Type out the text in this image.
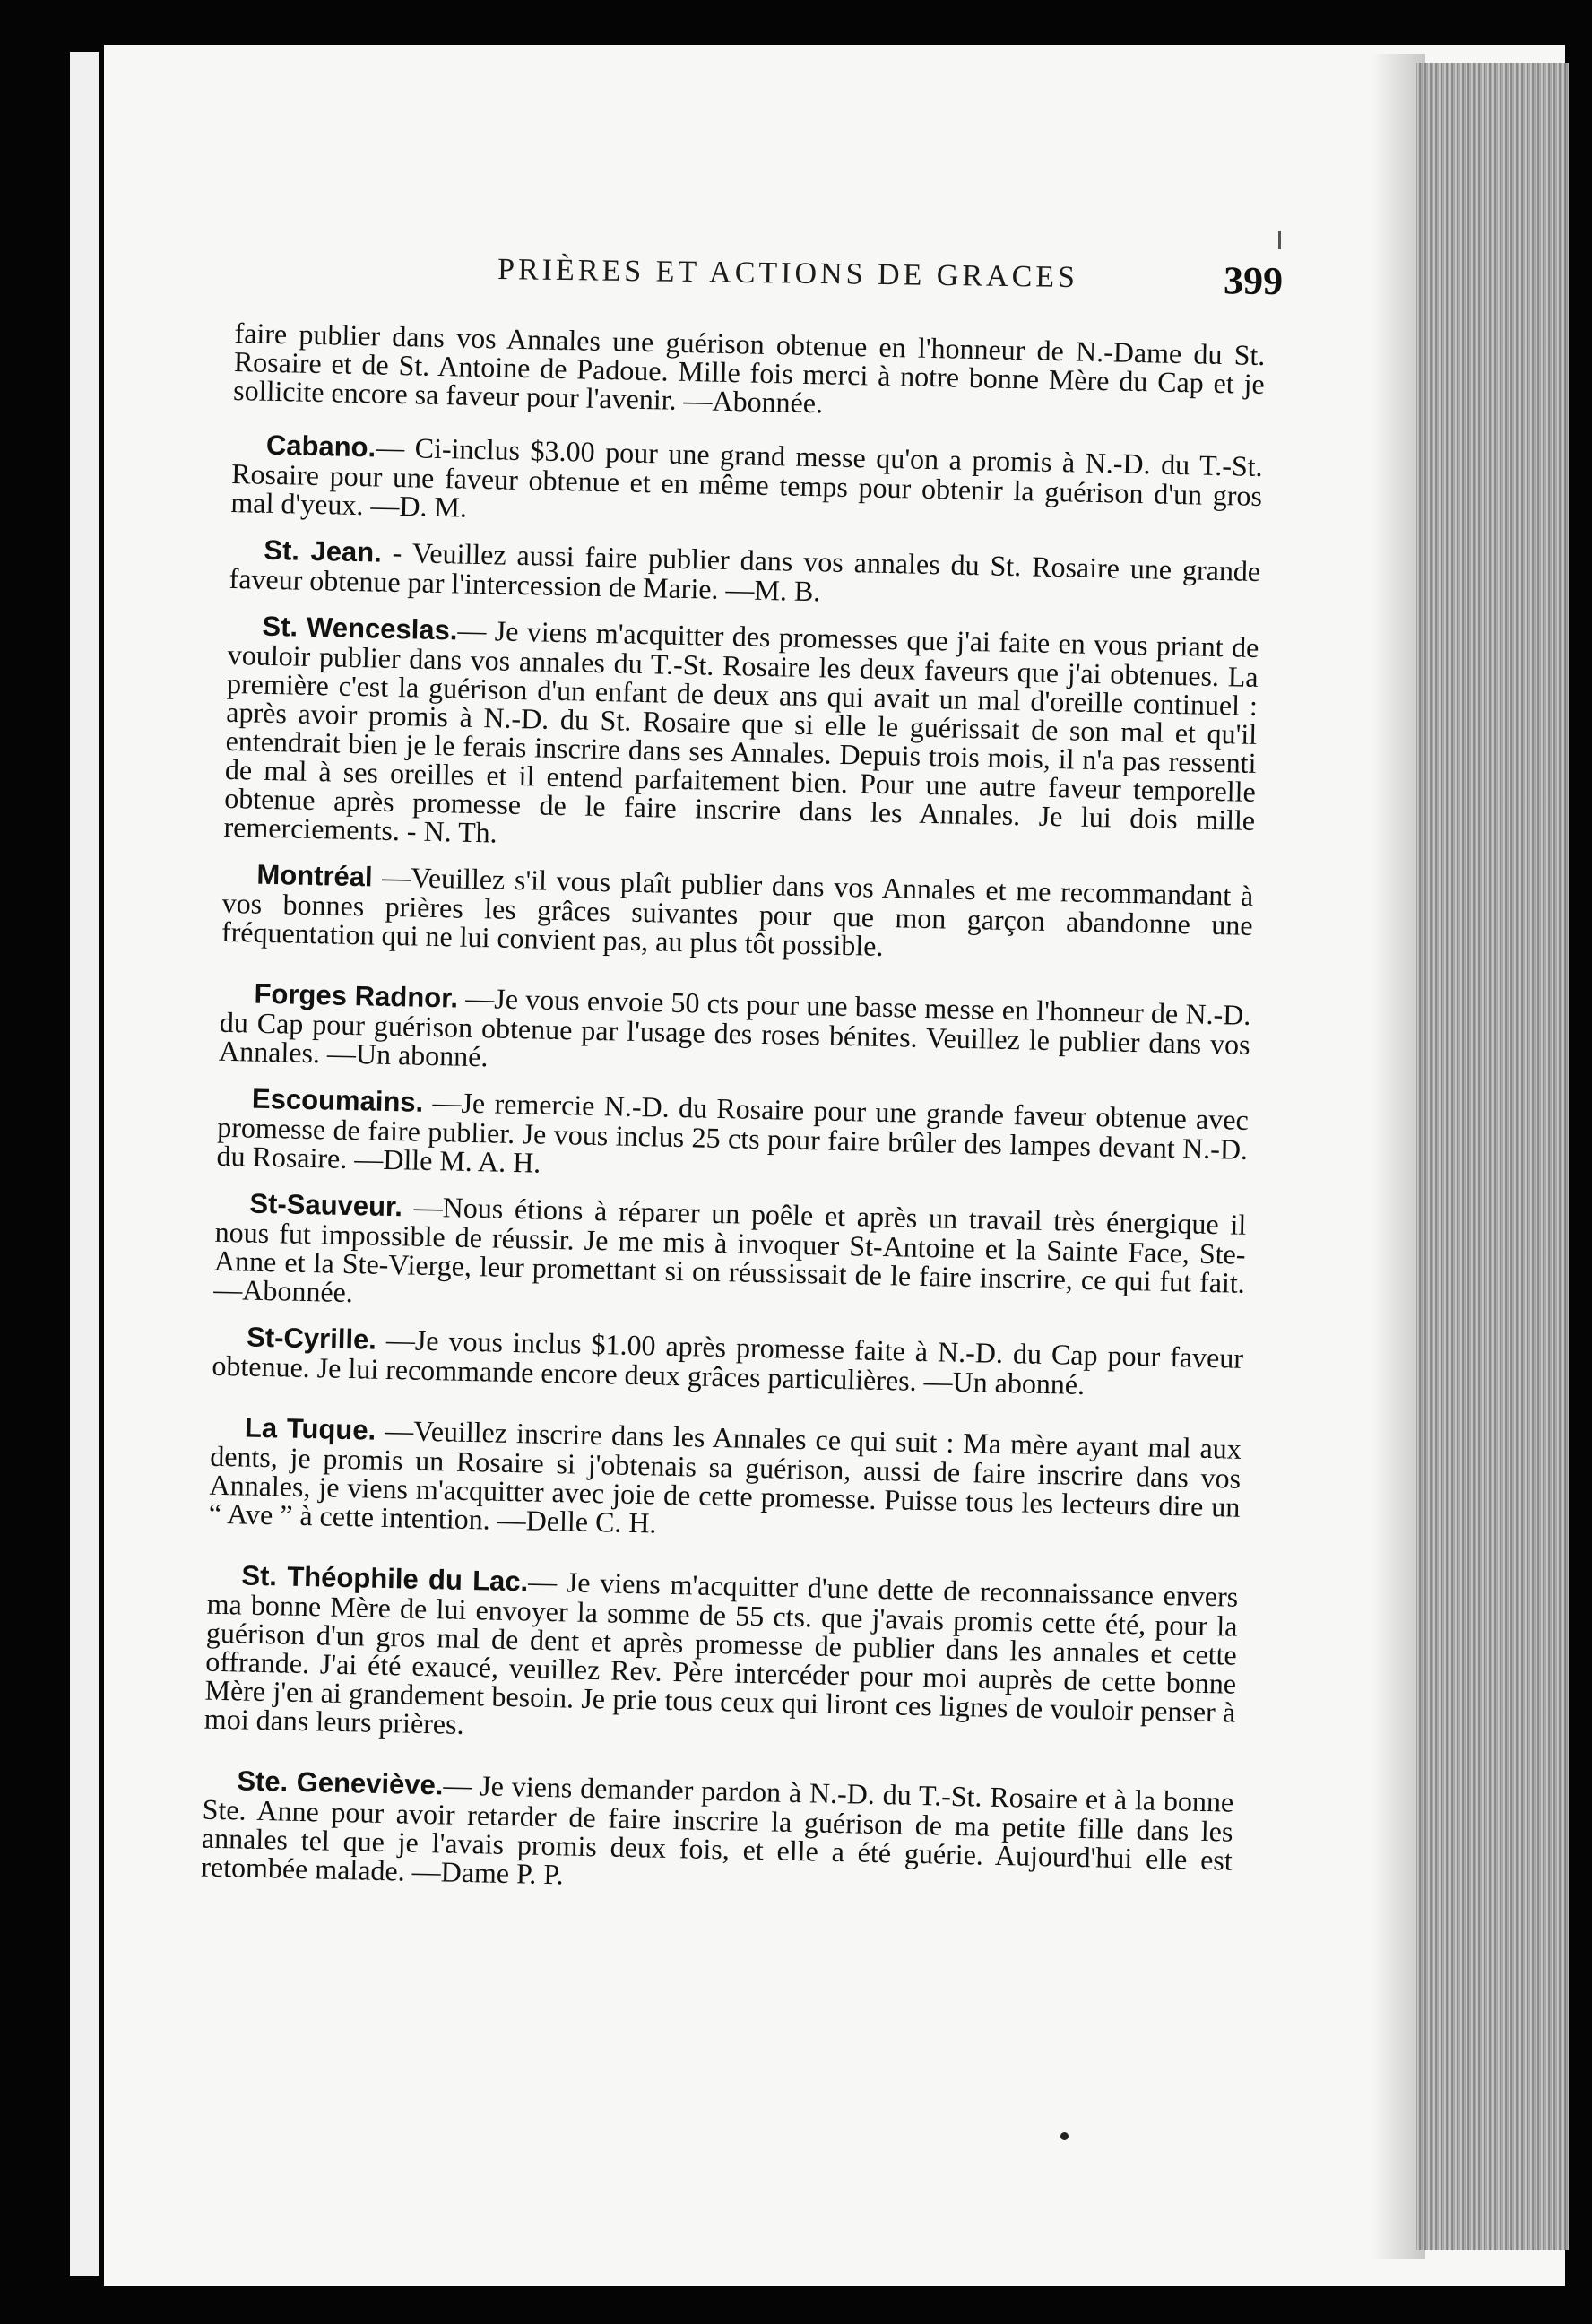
PRIÈRES ET ACTIONS DE GRACES	399

faire publier dans vos Annales une guérison obtenue en l'honneur de N.-Dame du St. Rosaire et de St. Antoine de Padoue. Mille fois merci à notre bonne Mère du Cap et je sollicite encore sa faveur pour l'avenir. —Abonnée.

Cabano.— Ci-inclus $3.00 pour une grand messe qu'on a promis à N.-D. du T.-St. Rosaire pour une faveur obtenue et en même temps pour obtenir la guérison d'un gros mal d'yeux. —D. M.

St. Jean. - Veuillez aussi faire publier dans vos annales du St. Rosaire une grande faveur obtenue par l'intercession de Marie. —M. B.

St. Wenceslas.— Je viens m'acquitter des promesses que j'ai faite en vous priant de vouloir publier dans vos annales du T.-St. Rosaire les deux faveurs que j'ai obtenues. La première c'est la guérison d'un enfant de deux ans qui avait un mal d'oreille continuel : après avoir promis à N.-D. du St. Rosaire que si elle le guérissait de son mal et qu'il entendrait bien je le ferais inscrire dans ses Annales. Depuis trois mois, il n'a pas ressenti de mal à ses oreilles et il entend parfaitement bien. Pour une autre faveur temporelle obtenue après promesse de le faire inscrire dans les Annales. Je lui dois mille remerciements. - N. Th.

Montréal —Veuillez s'il vous plaît publier dans vos Annales et me recommandant à vos bonnes prières les grâces suivantes pour que mon garçon abandonne une fréquentation qui ne lui convient pas, au plus tôt possible.

Forges Radnor. —Je vous envoie 50 cts pour une basse messe en l'honneur de N.-D. du Cap pour guérison obtenue par l'usage des roses bénites. Veuillez le publier dans vos Annales. —Un abonné.

Escoumains. —Je remercie N.-D. du Rosaire pour une grande faveur obtenue avec promesse de faire publier. Je vous inclus 25 cts pour faire brûler des lampes devant N.-D. du Rosaire. —Dlle M. A. H.

St-Sauveur. —Nous étions à réparer un poêle et après un travail très énergique il nous fut impossible de réussir. Je me mis à invoquer St-Antoine et la Sainte Face, Ste-Anne et la Ste-Vierge, leur promettant si on réussissait de le faire inscrire, ce qui fut fait. —Abonnée.

St-Cyrille. —Je vous inclus $1.00 après promesse faite à N.-D. du Cap pour faveur obtenue. Je lui recommande encore deux grâces particulières. —Un abonné.

La Tuque. —Veuillez inscrire dans les Annales ce qui suit : Ma mère ayant mal aux dents, je promis un Rosaire si j'obtenais sa guérison, aussi de faire inscrire dans vos Annales, je viens m'acquitter avec joie de cette promesse. Puisse tous les lecteurs dire un “ Ave ” à cette intention. —Delle C. H.

St. Théophile du Lac.— Je viens m'acquitter d'une dette de reconnaissance envers ma bonne Mère de lui envoyer la somme de 55 cts. que j'avais promis cette été, pour la guérison d'un gros mal de dent et après promesse de publier dans les annales et cette offrande. J'ai été exaucé, veuillez Rev. Père intercéder pour moi auprès de cette bonne Mère j'en ai grandement besoin. Je prie tous ceux qui liront ces lignes de vouloir penser à moi dans leurs prières.

Ste. Geneviève.— Je viens demander pardon à N.-D. du T.-St. Rosaire et à la bonne Ste. Anne pour avoir retarder de faire inscrire la guérison de ma petite fille dans les annales tel que je l'avais promis deux fois, et elle a été guérie. Aujourd'hui elle est retombée malade. —Dame P. P.
